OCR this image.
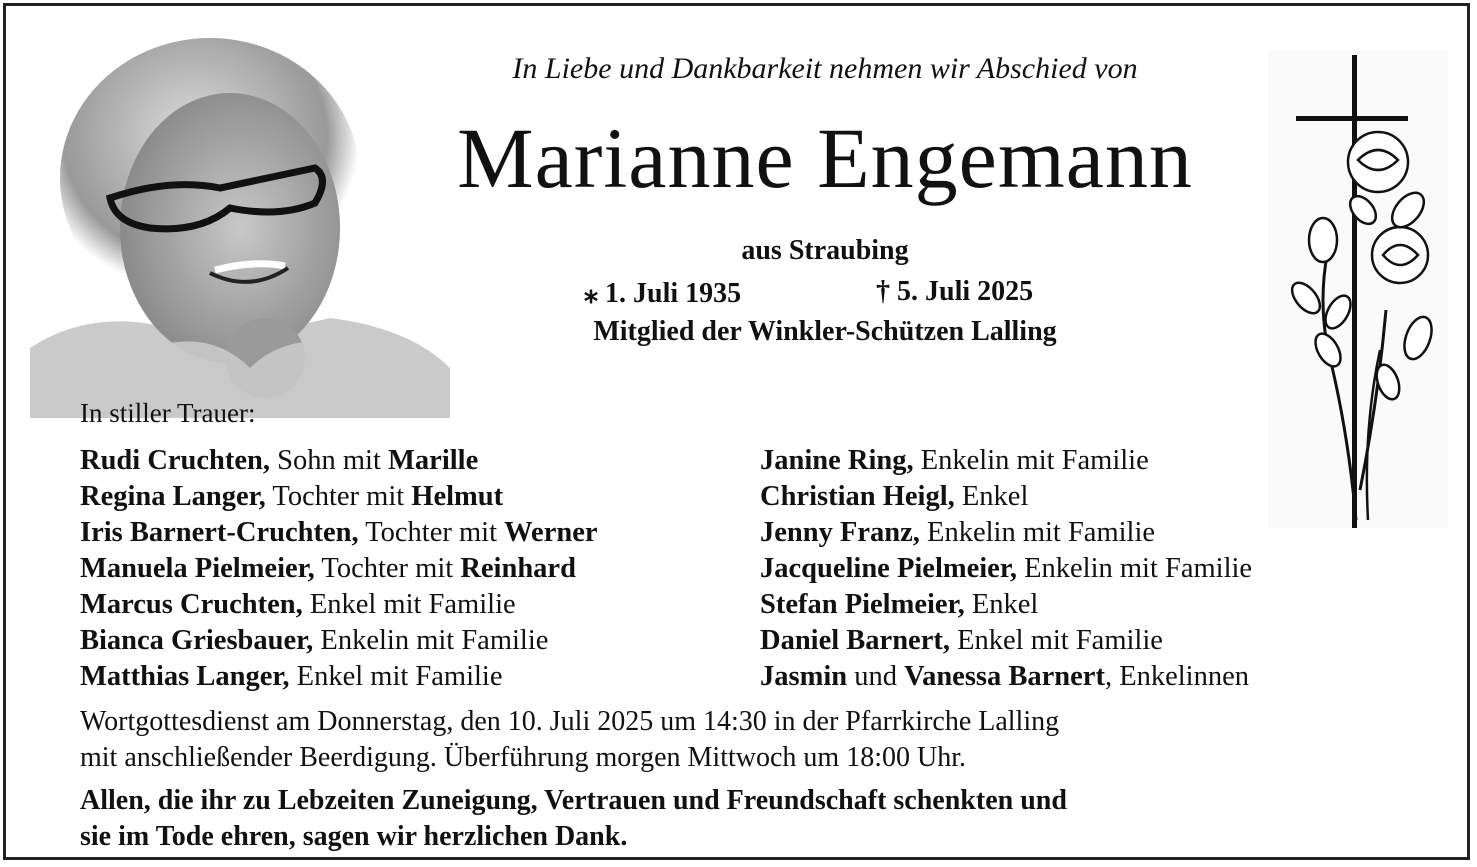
In Liebe und Dankbarkeit nehmen wir Abschied von
Marianne Engemann
aus Straubing
⁎ 1. Juli 1935	† 5. Juli 2025
Mitglied der Winkler-Schützen Lalling
In stiller Trauer:
Rudi Cruchten, Sohn mit Marille
Regina Langer, Tochter mit Helmut
Iris Barnert-Cruchten, Tochter mit Werner
Manuela Pielmeier, Tochter mit Reinhard
Marcus Cruchten, Enkel mit Familie
Bianca Griesbauer, Enkelin mit Familie
Matthias Langer, Enkel mit Familie
Janine Ring, Enkelin mit Familie
Christian Heigl, Enkel
Jenny Franz, Enkelin mit Familie
Jacqueline Pielmeier, Enkelin mit Familie
Stefan Pielmeier, Enkel
Daniel Barnert, Enkel mit Familie
Jasmin und Vanessa Barnert, Enkelinnen
Wortgottesdienst am Donnerstag, den 10. Juli 2025 um 14:30 in der Pfarrkirche Lalling
mit anschließender Beerdigung. Überführung morgen Mittwoch um 18:00 Uhr.
Allen, die ihr zu Lebzeiten Zuneigung, Vertrauen und Freundschaft schenkten und
sie im Tode ehren, sagen wir herzlichen Dank.
